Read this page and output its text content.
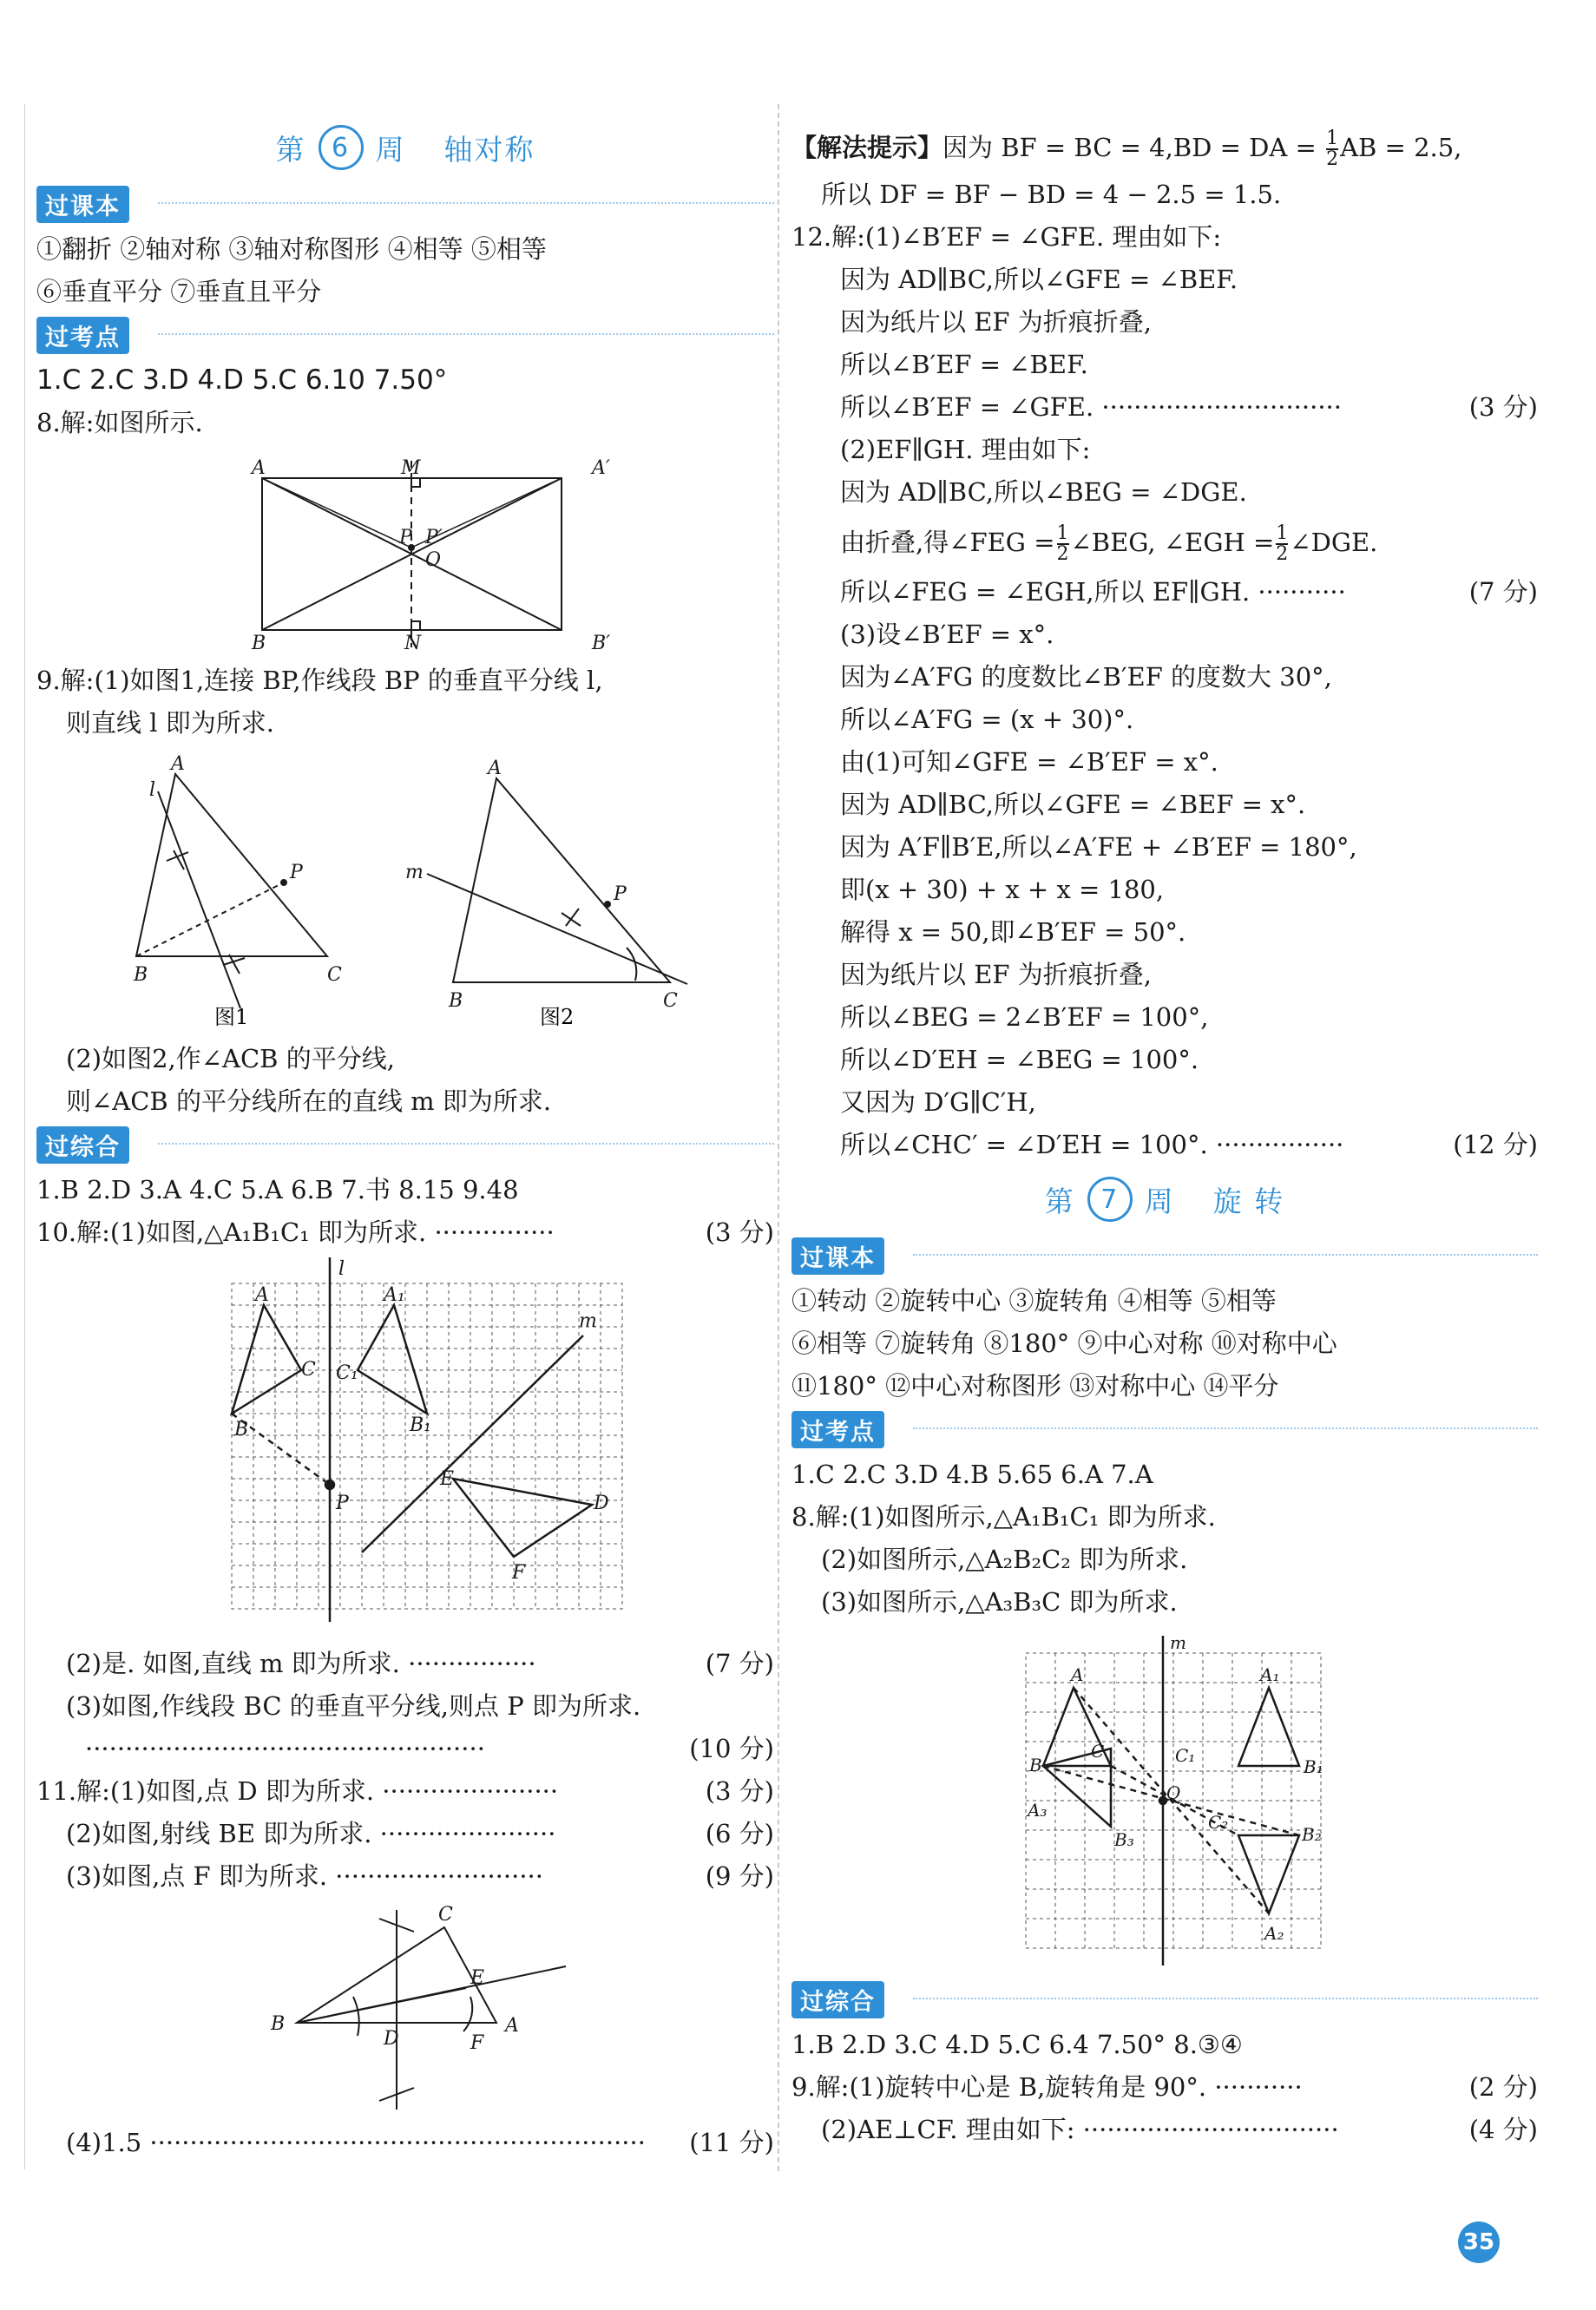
第 6 周 轴对称
过课本
①翻折 ②轴对称 ③轴对称图形 ④相等 ⑤相等
⑥垂直平分 ⑦垂直且平分
过考点
1.C 2.C 3.D 4.D 5.C 6.10 7.50°
8.解:如图所示.
A	A′
M
P P′
O
B	N	B′
9.解:(1)如图1,连接 BP,作线段 BP 的垂直平分线 l,
则直线 l 即为所求.
A
l
P
B	C
A
m
P
B	C
图1	图2
(2)如图2,作∠ACB 的平分线,
则∠ACB 的平分线所在的直线 m 即为所求.
过综合
1.B 2.D 3.A 4.C 5.A 6.B 7.书 8.15 9.48
10.解:(1)如图,△A₁B₁C₁ 即为所求. ···············	(3 分)
l
m
A
C
B
A₁
C₁
B₁
P
E
D
F
(2)是. 如图,直线 m 即为所求. ················	(7 分)
(3)如图,作线段 BC 的垂直平分线,则点 P 即为所求.
··················································	(10 分)
11.解:(1)如图,点 D 即为所求. ······················	(3 分)
(2)如图,射线 BE 即为所求. ······················	(6 分)
(3)如图,点 F 即为所求. ··························	(9 分)
B
C
E
A
D	F
(4)1.5 ······························································ (11 分)
【解法提示】因为 BF = BC = 4,BD = DA = $\frac{1}{2}$ AB = 2.5,
所以 DF = BF − BD = 4 − 2.5 = 1.5.
12.解:(1)∠B′EF = ∠GFE. 理由如下:
因为 AD∥BC,所以∠GFE = ∠BEF.
因为纸片以 EF 为折痕折叠,
所以∠B′EF = ∠BEF.
所以∠B′EF = ∠GFE. ······························	(3 分)
(2)EF∥GH. 理由如下:
因为 AD∥BC,所以∠BEG = ∠DGE.
由折叠,得∠FEG = $\frac{1}{2}$ ∠BEG, ∠EGH = $\frac{1}{2}$ ∠DGE.
所以∠FEG = ∠EGH,所以 EF∥GH. ···········	(7 分)
(3)设∠B′EF = x°.
因为∠A′FG 的度数比∠B′EF 的度数大 30°,
所以∠A′FG = (x + 30)°.
由(1)可知∠GFE = ∠B′EF = x°.
因为 AD∥BC,所以∠GFE = ∠BEF = x°.
因为 A′F∥B′E,所以∠A′FE + ∠B′EF = 180°,
即(x + 30) + x + x = 180,
解得 x = 50,即∠B′EF = 50°.
因为纸片以 EF 为折痕折叠,
所以∠BEG = 2∠B′EF = 100°,
所以∠D′EH = ∠BEG = 100°.
又因为 D′G∥C′H,
所以∠CHC′ = ∠D′EH = 100°. ················	(12 分)
第 7 周 旋 转
过课本
①转动 ②旋转中心 ③旋转角 ④相等 ⑤相等
⑥相等 ⑦旋转角 ⑧180° ⑨中心对称 ⑩对称中心
⑪180° ⑫中心对称图形 ⑬对称中心 ⑭平分
过考点
1.C 2.C 3.D 4.B 5.65 6.A 7.A
8.解:(1)如图所示,△A₁B₁C₁ 即为所求.
(2)如图所示,△A₂B₂C₂ 即为所求.
(3)如图所示,△A₃B₃C 即为所求.
m
A
C
B
A₁
C₁
B₁
O
A₃
B₃
C₂
B₂
A₂
过综合
1.B 2.D 3.C 4.D 5.C 6.4 7.50° 8.③④
9.解:(1)旋转中心是 B,旋转角是 90°. ···········	(2 分)
(2)AE⊥CF. 理由如下: ································	(4 分)
35
